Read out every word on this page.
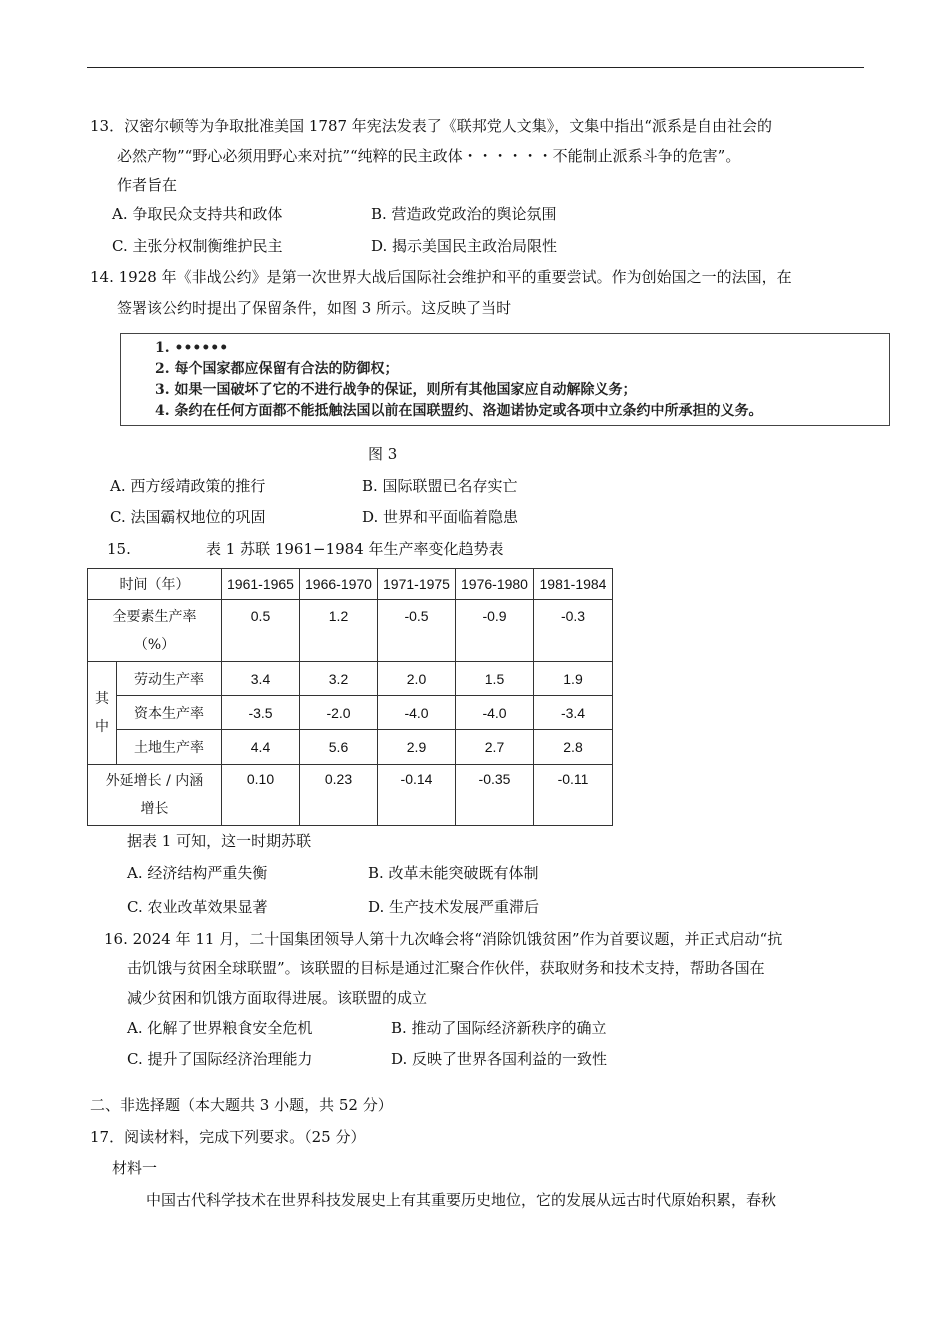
13．汉密尔顿等为争取批准美国 1787 年宪法发表了《联邦党人文集》，文集中指出“派系是自由社会的
必然产物”“野心必须用野心来对抗”“纯粹的民主政体・・・・・・不能制止派系斗争的危害”。
作者旨在
A. 争取民众支持共和政体	B. 营造政党政治的舆论氛围
C. 主张分权制衡维护民主	D. 揭示美国民主政治局限性
14. 1928 年《非战公约》是第一次世界大战后国际社会维护和平的重要尝试。作为创始国之一的法国，在
签署该公约时提出了保留条件，如图 3 所示。这反映了当时
1. ••••••
2. 每个国家都应保留有合法的防御权；
3. 如果一国破坏了它的不进行战争的保证，则所有其他国家应自动解除义务；
4. 条约在任何方面都不能抵触法国以前在国联盟约、洛迦诺协定或各项中立条约中所承担的义务。
图 3
A. 西方绥靖政策的推行	B. 国际联盟已名存实亡
C. 法国霸权地位的巩固	D. 世界和平面临着隐患
15.	表 1 苏联 1961−1984 年生产率变化趋势表
时间（年）		1961-1965	1966-1970	1971-1975	1976-1980	1981-1984

全要素生产率
（%）		0.5	1.2	-0.5	-0.9	-0.3

其
中	劳动生产率	3.4	3.2	2.0	1.5	1.9
	资本生产率	-3.5	-2.0	-4.0	-4.0	-3.4
	土地生产率	4.4	5.6	2.9	2.7	2.8

外延增长 / 内涵
增长		0.10	0.23	-0.14	-0.35	-0.11
据表 1 可知，这一时期苏联
A. 经济结构严重失衡	B. 改革未能突破既有体制
C. 农业改革效果显著	D. 生产技术发展严重滞后
16. 2024 年 11 月，二十国集团领导人第十九次峰会将“消除饥饿贫困”作为首要议题，并正式启动“抗
击饥饿与贫困全球联盟”。该联盟的目标是通过汇聚合作伙伴，获取财务和技术支持，帮助各国在
减少贫困和饥饿方面取得进展。该联盟的成立
A. 化解了世界粮食安全危机	B. 推动了国际经济新秩序的确立
C. 提升了国际经济治理能力	D. 反映了世界各国利益的一致性
二、非选择题（本大题共 3 小题，共 52 分）
17．阅读材料，完成下列要求。（25 分）
材料一
中国古代科学技术在世界科技发展史上有其重要历史地位，它的发展从远古时代原始积累，春秋
